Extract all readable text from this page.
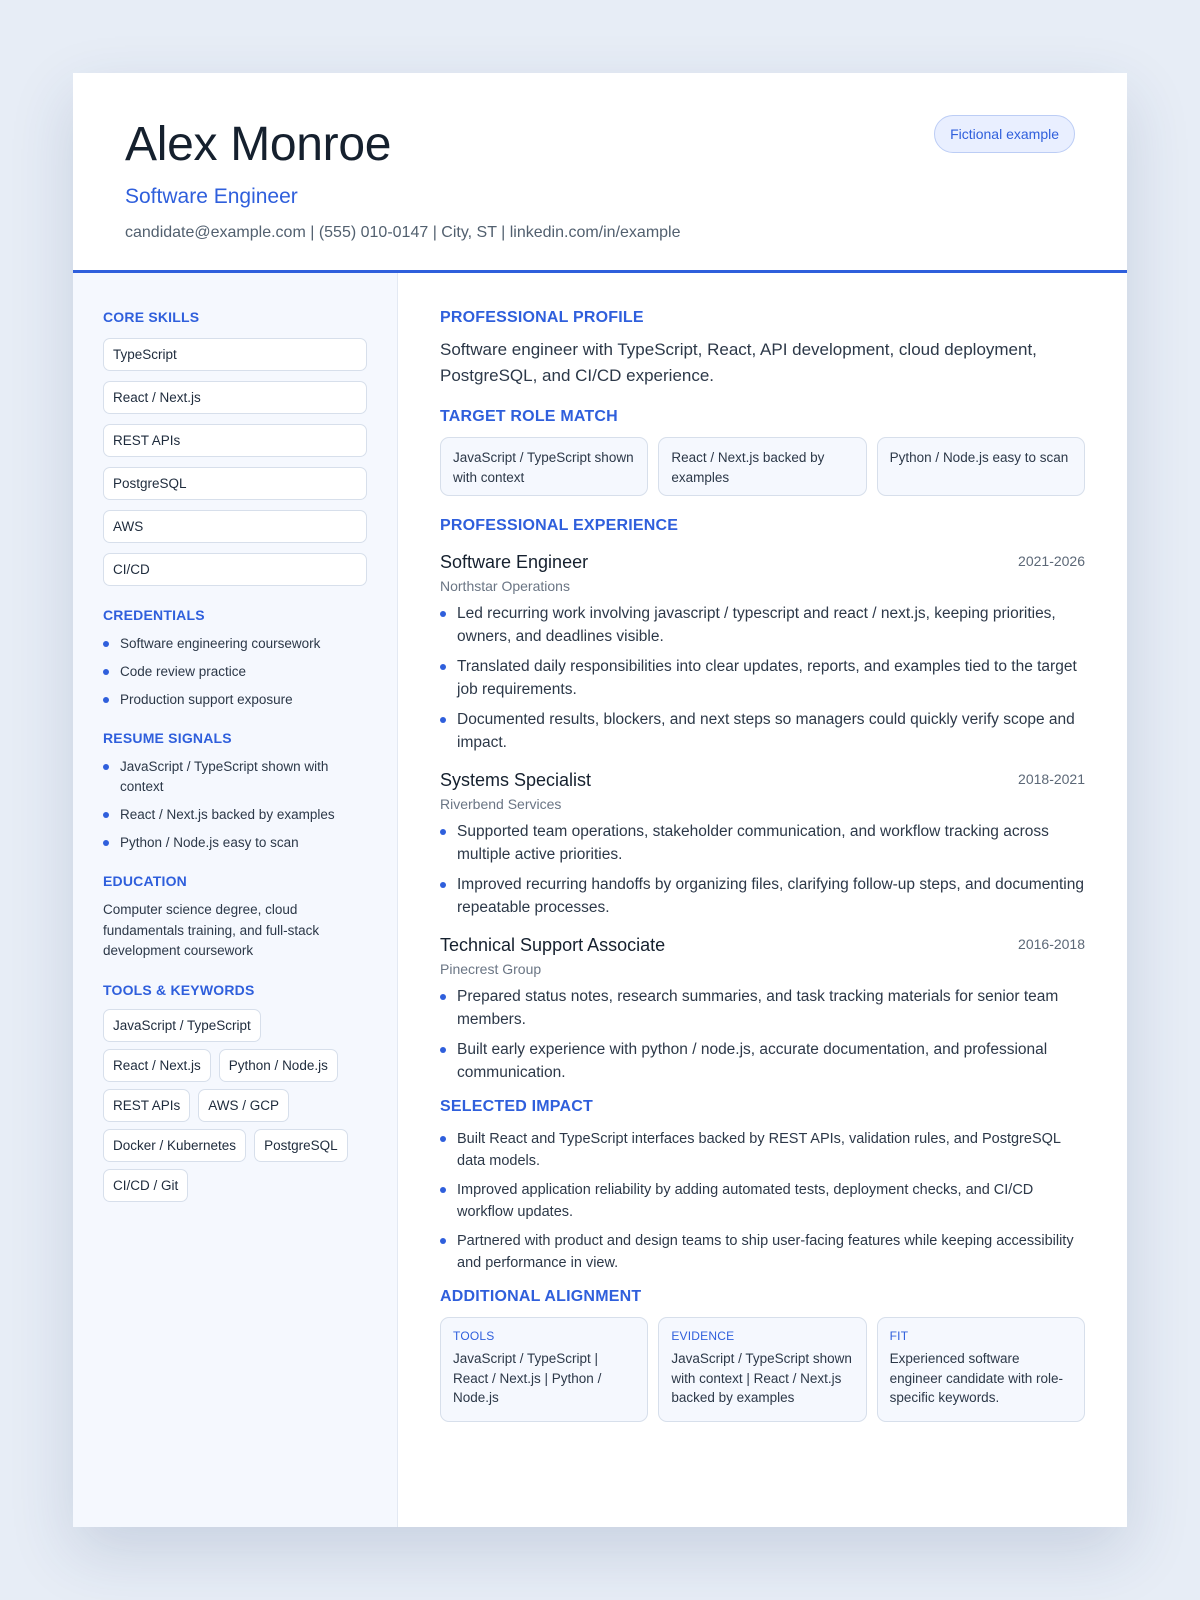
Alex Monroe
Software Engineer
candidate@example.com | (555) 010-0147 | City, ST | linkedin.com/in/example
Fictional example
CORE SKILLS
TypeScript
React / Next.js
REST APIs
PostgreSQL
AWS
CI/CD
CREDENTIALS
Software engineering coursework
Code review practice
Production support exposure
RESUME SIGNALS
JavaScript / TypeScript shown with context
React / Next.js backed by examples
Python / Node.js easy to scan
EDUCATION
Computer science degree, cloud fundamentals training, and full-stack development coursework
TOOLS & KEYWORDS
JavaScript / TypeScript
React / Next.js	Python / Node.js
REST APIs	AWS / GCP
Docker / Kubernetes	PostgreSQL
CI/CD / Git
PROFESSIONAL PROFILE
Software engineer with TypeScript, React, API development, cloud deployment, PostgreSQL, and CI/CD experience.
TARGET ROLE MATCH
JavaScript / TypeScript shown with context
React / Next.js backed by examples
Python / Node.js easy to scan
PROFESSIONAL EXPERIENCE
Software Engineer	2021-2026
Northstar Operations
Led recurring work involving javascript / typescript and react / next.js, keeping priorities, owners, and deadlines visible.
Translated daily responsibilities into clear updates, reports, and examples tied to the target job requirements.
Documented results, blockers, and next steps so managers could quickly verify scope and impact.
Systems Specialist	2018-2021
Riverbend Services
Supported team operations, stakeholder communication, and workflow tracking across multiple active priorities.
Improved recurring handoffs by organizing files, clarifying follow-up steps, and documenting repeatable processes.
Technical Support Associate	2016-2018
Pinecrest Group
Prepared status notes, research summaries, and task tracking materials for senior team members.
Built early experience with python / node.js, accurate documentation, and professional communication.
SELECTED IMPACT
Built React and TypeScript interfaces backed by REST APIs, validation rules, and PostgreSQL data models.
Improved application reliability by adding automated tests, deployment checks, and CI/CD workflow updates.
Partnered with product and design teams to ship user-facing features while keeping accessibility and performance in view.
ADDITIONAL ALIGNMENT
TOOLS
JavaScript / TypeScript | React / Next.js | Python / Node.js
EVIDENCE
JavaScript / TypeScript shown with context | React / Next.js backed by examples
FIT
Experienced software engineer candidate with role-specific keywords.
